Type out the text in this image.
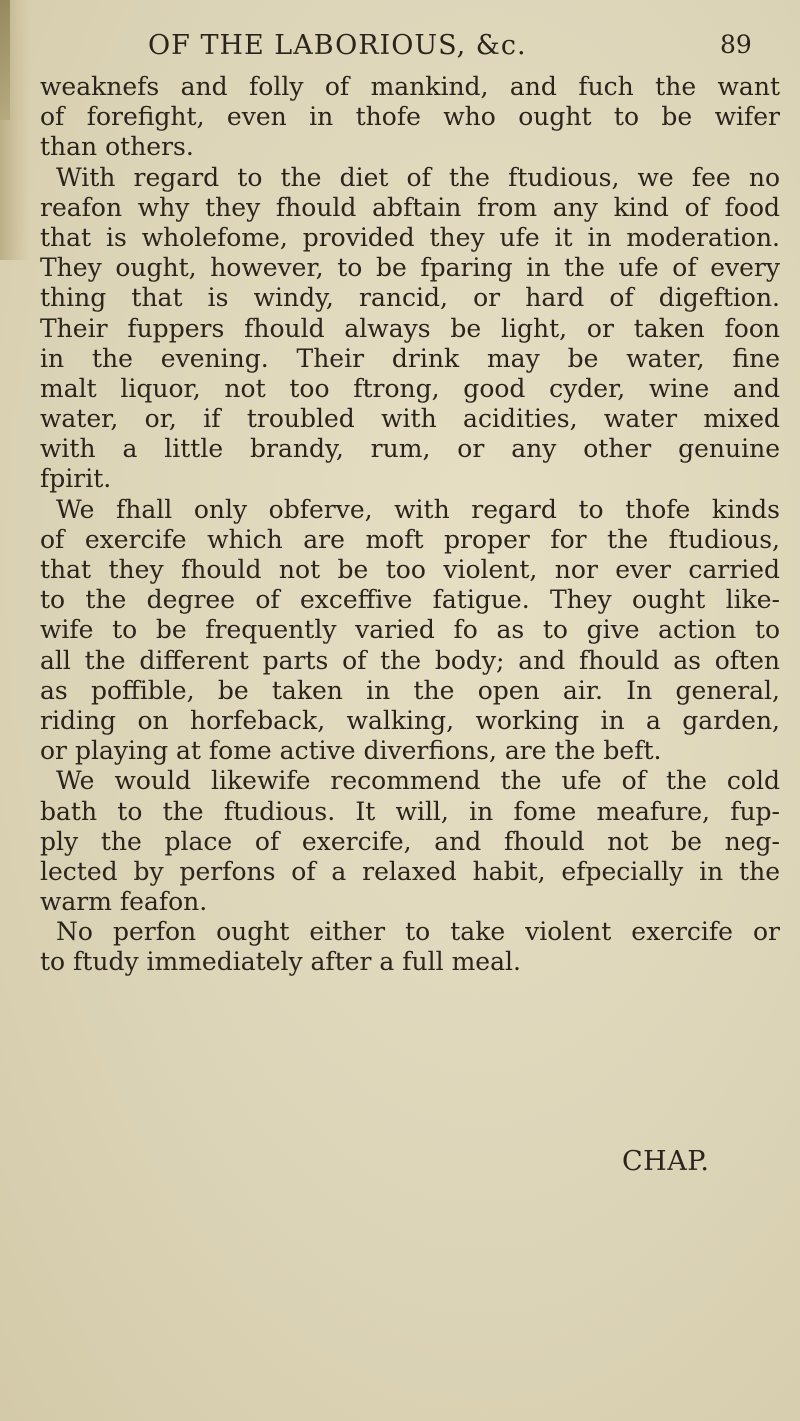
OF THE LABORIOUS, &c.	89
weaknefs and folly of mankind, and fuch the want
of forefight, even in thofe who ought to be wifer
than others.
With regard to the diet of the ftudious, we fee no
reafon why they fhould abftain from any kind of food
that is wholefome, provided they ufe it in moderation.
They ought, however, to be fparing in the ufe of every
thing that is windy, rancid, or hard of digeftion.
Their fuppers fhould always be light, or taken foon
in the evening. Their drink may be water, fine
malt liquor, not too ftrong, good cyder, wine and
water, or, if troubled with acidities, water mixed
with a little brandy, rum, or any other genuine
fpirit.
We fhall only obferve, with regard to thofe kinds
of exercife which are moft proper for the ftudious,
that they fhould not be too violent, nor ever carried
to the degree of exceffive fatigue. They ought like-
wife to be frequently varied fo as to give action to
all the different parts of the body; and fhould as often
as poffible, be taken in the open air. In general,
riding on horfeback, walking, working in a garden,
or playing at fome active diverfions, are the beft.
We would likewife recommend the ufe of the cold
bath to the ftudious. It will, in fome meafure, fup-
ply the place of exercife, and fhould not be neg-
lected by perfons of a relaxed habit, efpecially in the
warm feafon.
No perfon ought either to take violent exercife or
to ftudy immediately after a full meal.
CHAP.
